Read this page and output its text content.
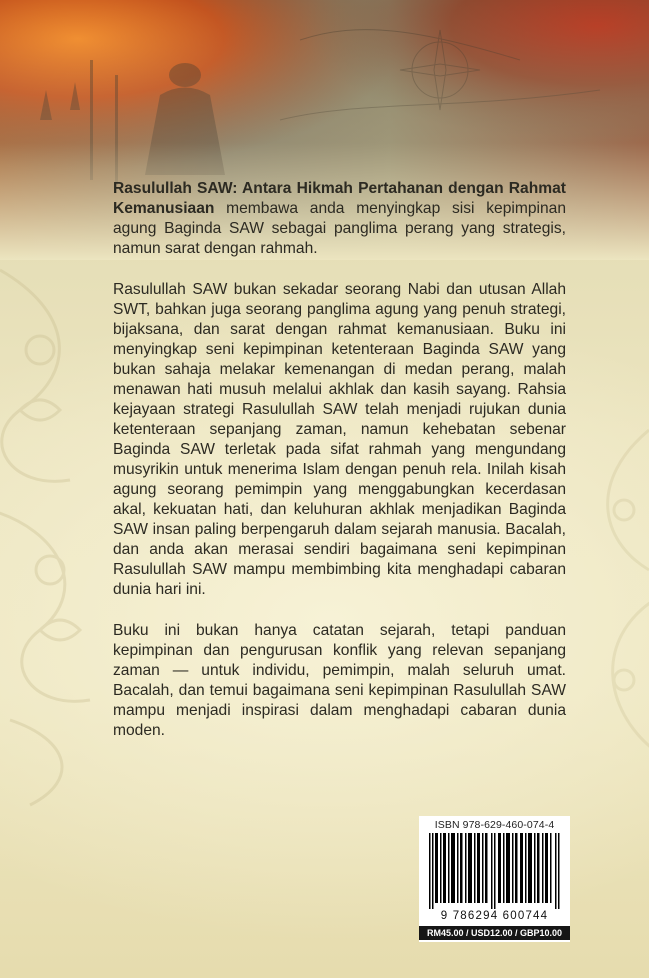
Rasulullah SAW: Antara Hikmah Pertahanan dengan Rahmat Kemanusiaan membawa anda menyingkap sisi kepimpinan agung Baginda SAW sebagai panglima perang yang strategis, namun sarat dengan rahmah.

Rasulullah SAW bukan sekadar seorang Nabi dan utusan Allah SWT, bahkan juga seorang panglima agung yang penuh strategi, bijaksana, dan sarat dengan rahmat kemanusiaan. Buku ini menyingkap seni kepimpinan ketenteraan Baginda SAW yang bukan sahaja melakar kemenangan di medan perang, malah menawan hati musuh melalui akhlak dan kasih sayang. Rahsia kejayaan strategi Rasulullah SAW telah menjadi rujukan dunia ketenteraan sepanjang zaman, namun kehebatan sebenar Baginda SAW terletak pada sifat rahmah yang mengundang musyrikin untuk menerima Islam dengan penuh rela. Inilah kisah agung seorang pemimpin yang menggabungkan kecerdasan akal, kekuatan hati, dan keluhuran akhlak menjadikan Baginda SAW insan paling berpengaruh dalam sejarah manusia. Bacalah, dan anda akan merasai sendiri bagaimana seni kepimpinan Rasulullah SAW mampu membimbing kita menghadapi cabaran dunia hari ini.

Buku ini bukan hanya catatan sejarah, tetapi panduan kepimpinan dan pengurusan konflik yang relevan sepanjang zaman — untuk individu, pemimpin, malah seluruh umat. Bacalah, dan temui bagaimana seni kepimpinan Rasulullah SAW mampu menjadi inspirasi dalam menghadapi cabaran dunia moden.

ISBN 978-629-460-074-4
9 786294 600744
RM45.00 / USD12.00 / GBP10.00
